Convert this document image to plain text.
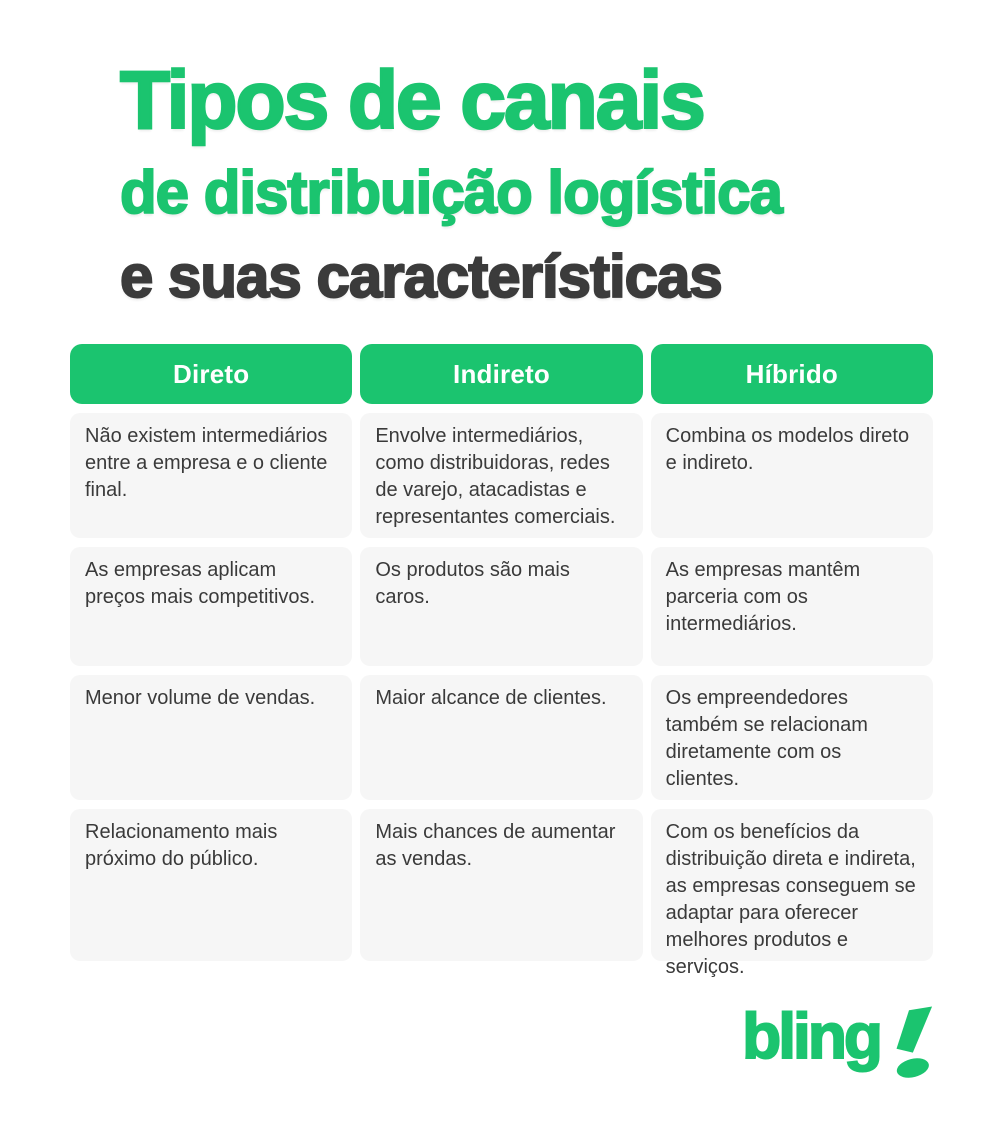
Tipos de canais
de distribuição logística
e suas características
Direto
Não existem intermediários entre a empresa e o cliente final.
As empresas aplicam preços mais competitivos.
Menor volume de vendas.
Relacionamento mais próximo do público.
Indireto
Envolve intermediários, como distribuidoras, redes de varejo, atacadistas e representantes comerciais.
Os produtos são mais caros.
Maior alcance de clientes.
Mais chances de aumentar as vendas.
Híbrido
Combina os modelos direto e indireto.
As empresas mantêm parceria com os intermediários.
Os empreendedores também se relacionam diretamente com os clientes.
Com os benefícios da distribuição direta e indireta, as empresas conseguem se adaptar para oferecer melhores produtos e serviços.
bling
